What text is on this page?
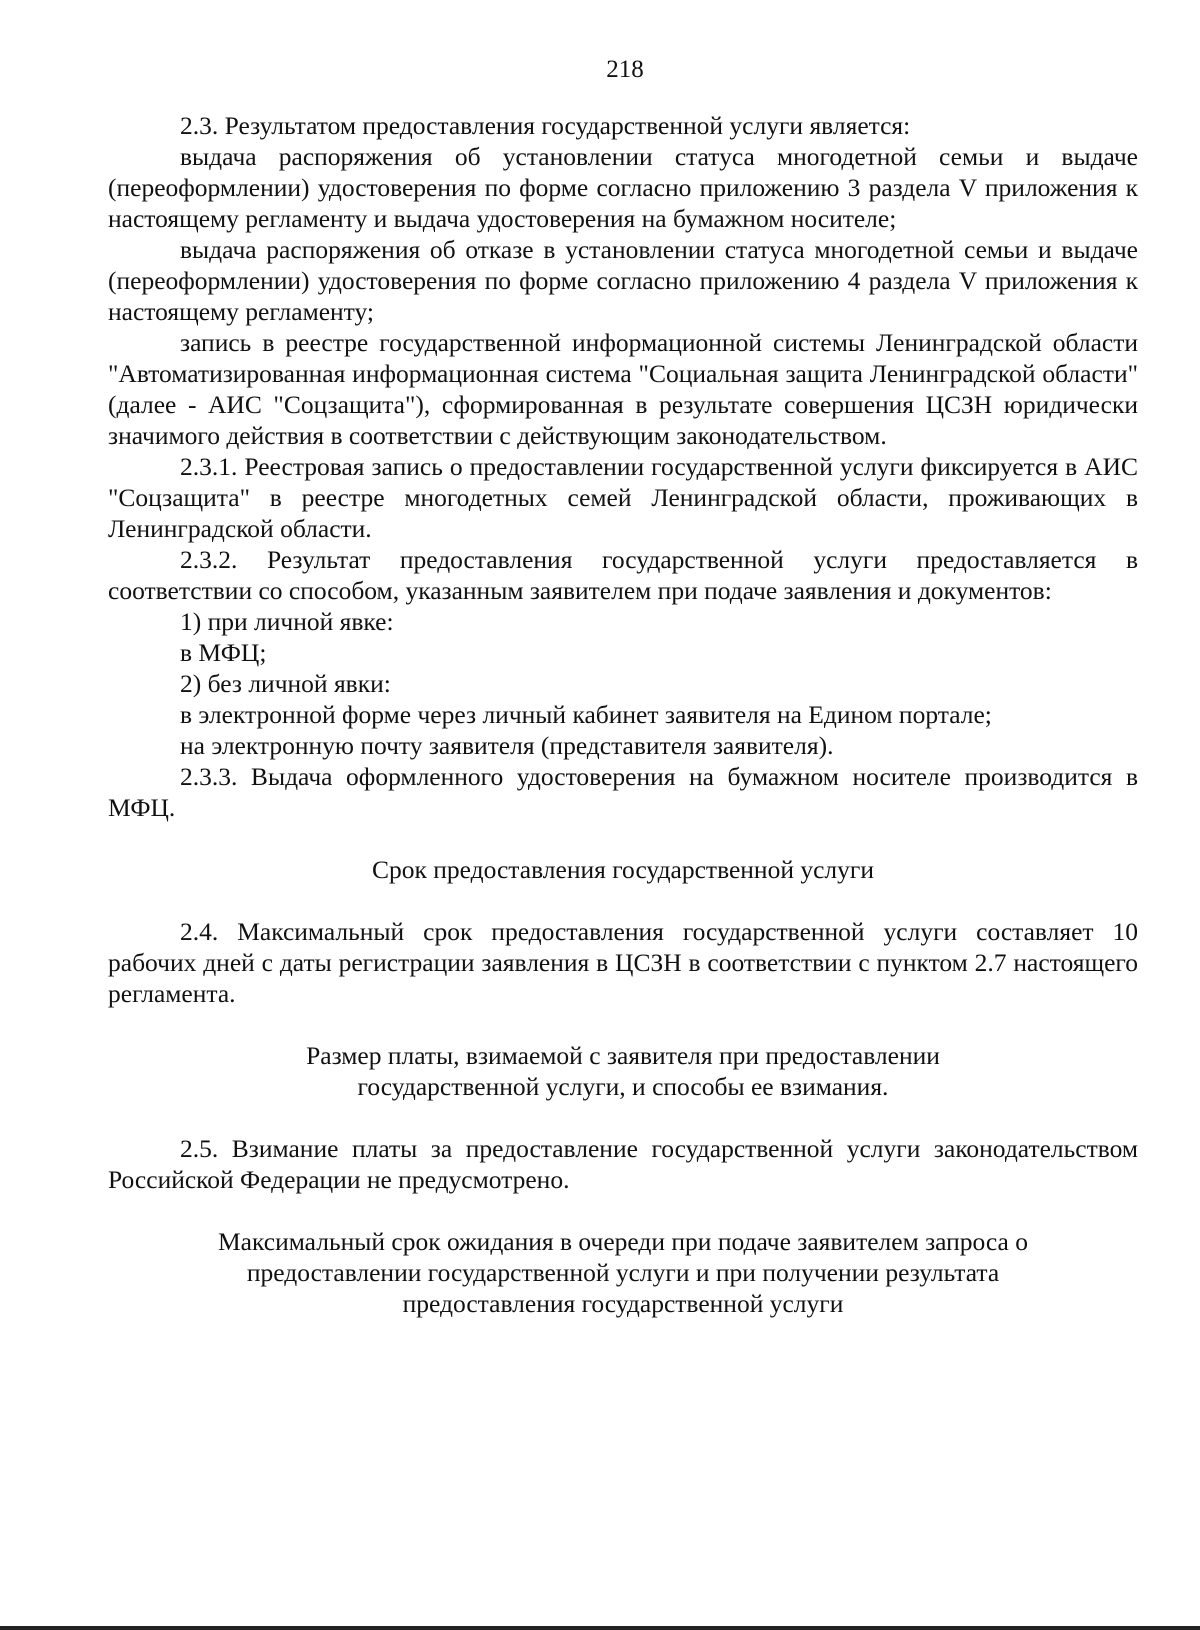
218

2.3. Результатом предоставления государственной услуги является:

выдача распоряжения об установлении статуса многодетной семьи и выдаче (переоформлении) удостоверения по форме согласно приложению 3 раздела V приложения к настоящему регламенту и выдача удостоверения на бумажном носителе;

выдача распоряжения об отказе в установлении статуса многодетной семьи и выдаче (переоформлении) удостоверения по форме согласно приложению 4 раздела V приложения к настоящему регламенту;

запись в реестре государственной информационной системы Ленинградской области "Автоматизированная информационная система "Социальная защита Ленинградской области" (далее - АИС "Соцзащита"), сформированная в результате совершения ЦСЗН юридически значимого действия в соответствии с действующим законодательством.

2.3.1. Реестровая запись о предоставлении государственной услуги фиксируется в АИС "Соцзащита" в реестре многодетных семей Ленинградской области, проживающих в Ленинградской области.

2.3.2. Результат предоставления государственной услуги предоставляется в соответствии со способом, указанным заявителем при подаче заявления и документов:

1) при личной явке:

в МФЦ;

2) без личной явки:

в электронной форме через личный кабинет заявителя на Едином портале;

на электронную почту заявителя (представителя заявителя).

2.3.3. Выдача оформленного удостоверения на бумажном носителе производится в МФЦ.

Срок предоставления государственной услуги

2.4. Максимальный срок предоставления государственной услуги составляет 10 рабочих дней с даты регистрации заявления в ЦСЗН в соответствии с пунктом 2.7 настоящего регламента.

Размер платы, взимаемой с заявителя при предоставлении

государственной услуги, и способы ее взимания.

2.5. Взимание платы за предоставление государственной услуги законодательством Российской Федерации не предусмотрено.

Максимальный срок ожидания в очереди при подаче заявителем запроса о

предоставлении государственной услуги и при получении результата

предоставления государственной услуги
